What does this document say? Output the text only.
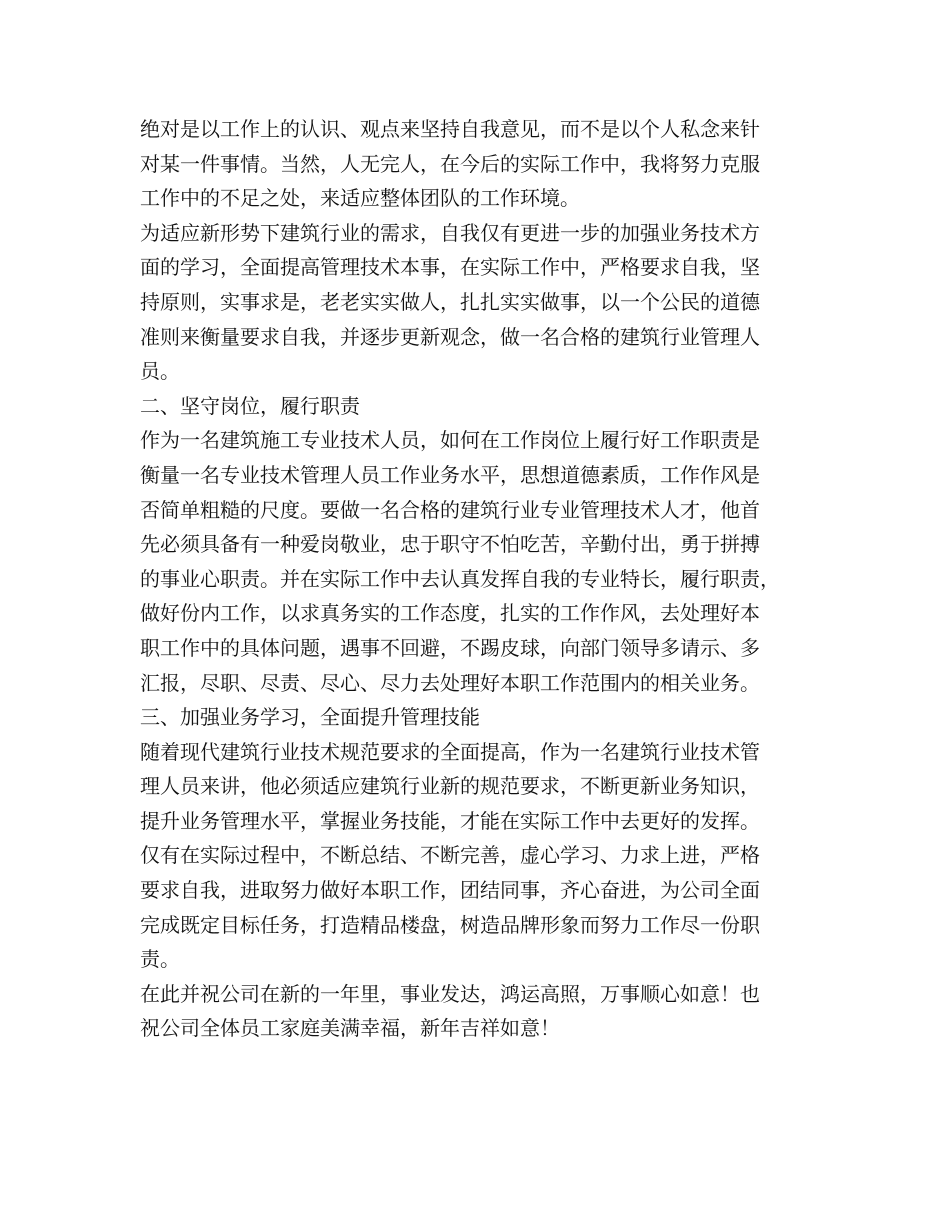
绝对是以工作上的认识、观点来坚持自我意见，而不是以个人私念来针
对某一件事情。当然，人无完人，在今后的实际工作中，我将努力克服
工作中的不足之处，来适应整体团队的工作环境。
为适应新形势下建筑行业的需求，自我仅有更进一步的加强业务技术方
面的学习，全面提高管理技术本事，在实际工作中，严格要求自我，坚
持原则，实事求是，老老实实做人，扎扎实实做事，以一个公民的道德
准则来衡量要求自我，并逐步更新观念，做一名合格的建筑行业管理人
员。
二、坚守岗位，履行职责
作为一名建筑施工专业技术人员，如何在工作岗位上履行好工作职责是
衡量一名专业技术管理人员工作业务水平，思想道德素质，工作作风是
否简单粗糙的尺度。要做一名合格的建筑行业专业管理技术人才，他首
先必须具备有一种爱岗敬业，忠于职守不怕吃苦，辛勤付出，勇于拼搏
的事业心职责。并在实际工作中去认真发挥自我的专业特长，履行职责，
做好份内工作，以求真务实的工作态度，扎实的工作作风，去处理好本
职工作中的具体问题，遇事不回避，不踢皮球，向部门领导多请示、多
汇报，尽职、尽责、尽心、尽力去处理好本职工作范围内的相关业务。
三、加强业务学习，全面提升管理技能
随着现代建筑行业技术规范要求的全面提高，作为一名建筑行业技术管
理人员来讲，他必须适应建筑行业新的规范要求，不断更新业务知识，
提升业务管理水平，掌握业务技能，才能在实际工作中去更好的发挥。
仅有在实际过程中，不断总结、不断完善，虚心学习、力求上进，严格
要求自我，进取努力做好本职工作，团结同事，齐心奋进，为公司全面
完成既定目标任务，打造精品楼盘，树造品牌形象而努力工作尽一份职
责。
在此并祝公司在新的一年里，事业发达，鸿运高照，万事顺心如意！也
祝公司全体员工家庭美满幸福，新年吉祥如意！
